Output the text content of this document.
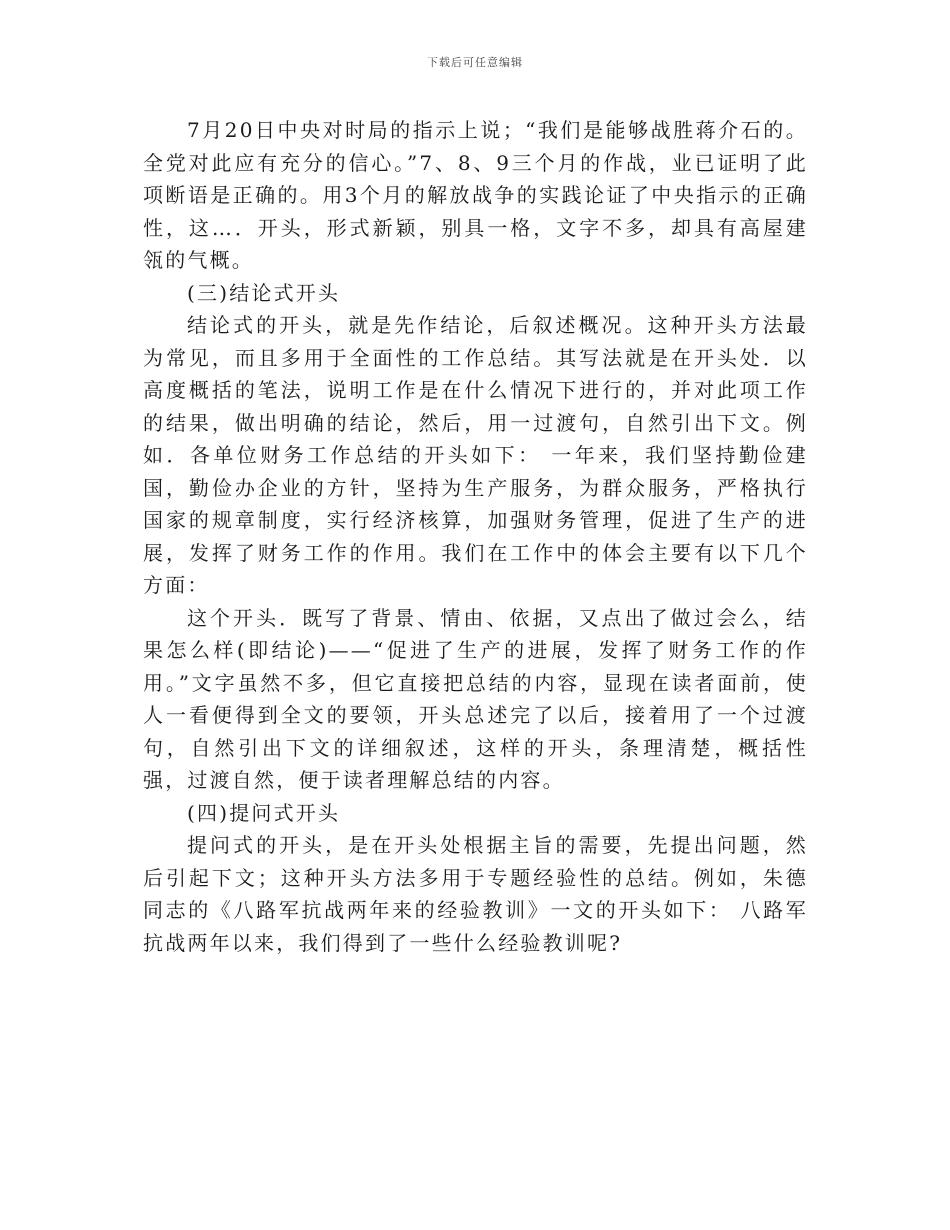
下载后可任意编辑

7月20日中央对时局的指示上说；“我们是能够战胜蒋介石的。全党对此应有充分的信心。”7、8、9三个月的作战，业已证明了此项断语是正确的。用3个月的解放战争的实践论证了中央指示的正确性，这…．开头，形式新颖，别具一格，文字不多，却具有高屋建瓴的气概。

(三)结论式开头

结论式的开头，就是先作结论，后叙述概况。这种开头方法最为常见，而且多用于全面性的工作总结。其写法就是在开头处．以高度概括的笔法，说明工作是在什么情况下进行的，并对此项工作的结果，做出明确的结论，然后，用一过渡句，自然引出下文。例如．各单位财务工作总结的开头如下： 一年来，我们坚持勤俭建国，勤俭办企业的方针，坚持为生产服务，为群众服务，严格执行国家的规章制度，实行经济核算，加强财务管理，促进了生产的进展，发挥了财务工作的作用。我们在工作中的体会主要有以下几个方面：

这个开头．既写了背景、情由、依据，又点出了做过会么，结果怎么样(即结论)——“促进了生产的进展，发挥了财务工作的作用。”文字虽然不多，但它直接把总结的内容，显现在读者面前，使人一看便得到全文的要领，开头总述完了以后，接着用了一个过渡句，自然引出下文的详细叙述，这样的开头，条理清楚，概括性强，过渡自然，便于读者理解总结的内容。

(四)提问式开头

提问式的开头，是在开头处根据主旨的需要，先提出问题，然后引起下文；这种开头方法多用于专题经验性的总结。例如，朱德同志的《八路军抗战两年来的经验教训》一文的开头如下： 八路军抗战两年以来，我们得到了一些什么经验教训呢?
